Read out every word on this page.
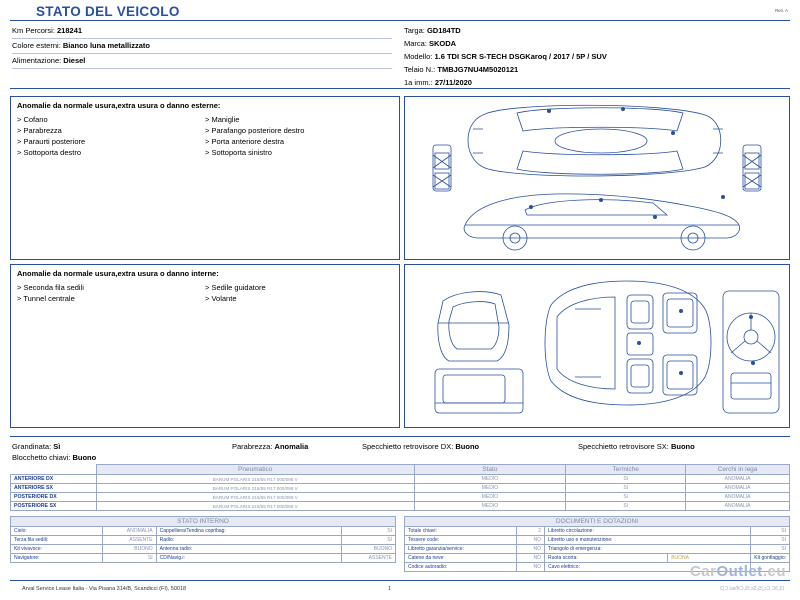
STATO DEL VEICOLO	Rev. A
Km Percorsi: 218241
Colore esterni: Bianco luna metallizzato
Alimentazione: Diesel
Targa: GD184TD
Marca: SKODA
Modello: 1.6 TDI SCR S-TECH DSGKaroq / 2017 / 5P / SUV
Telaio N.: TMBJG7NU4M5020121
1a imm.: 27/11/2020
Anomalie da normale usura,extra usura o danno esterne:
> Cofano
> Parabrezza
> Paraurti posteriore
> Sottoporta destro
> Maniglie
> Parafango posteriore destro
> Porta anteriore destra
> Sottoporta sinistro
Anomalie da normale usura,extra usura o danno interne:
> Seconda fila sedili
> Tunnel centrale
> Sedile guidatore
> Volante
Grandinata: Sì
Blocchetto chiavi: Buono
Parabrezza: Anomalia	Specchietto retrovisore DX: Buono	Specchietto retrovisore SX: Buono
	Pneumatico	Stato	Termiche	Cerchi in lega
ANTERIORE DX	BARUM POLARIS 215/55 R17 000/098 V	MEDIO	Sì	ANOMALIA
ANTERIORE SX	BARUM POLARIS 215/55 R17 000/098 V	MEDIO	Sì	ANOMALIA
POSTERIORE DX	BARUM POLARIS 215/55 R17 000/098 V	MEDIO	Sì	ANOMALIA
POSTERIORE SX	BARUM POLARIS 215/55 R17 000/098 V	MEDIO	Sì	ANOMALIA
STATO INTERNO			
Cielo:	ANOMALIA	Cappelliera/Tendina copribag:	SI
Terza fila sedili:	ASSENTE	Radio:	SI
Kit vivavoce:	BUONO	Antenna radio:	BUONO
Navigatore:	SI	CD/Navig.i:	ASSENTE
DOCUMENTI E DOTAZIONI				
Totale chiavi:	2	Libretto circolazione:		SI
Tessere code:	NO	Libretto uso e manutenzione:		SI
Libretto garanzia/service:	NO	Triangolo di emergenza:		SI
Catene da neve:	NO	Ruota scorta:	BUONA	Kit gonfiaggio:
Codice autoradio:	NO	Cavo elettrico:		
Arval Service Lease Italia - Via Pisana 314/B, Scandicci (FI), 50018	1	Ɛ|Ɔ ʇɹɐ/ƘƆ,ƧƖ,ɔƧ,Ƨ|,ɔƆ,ƆƐ,Ɛʇ
CarOutlet.eu
